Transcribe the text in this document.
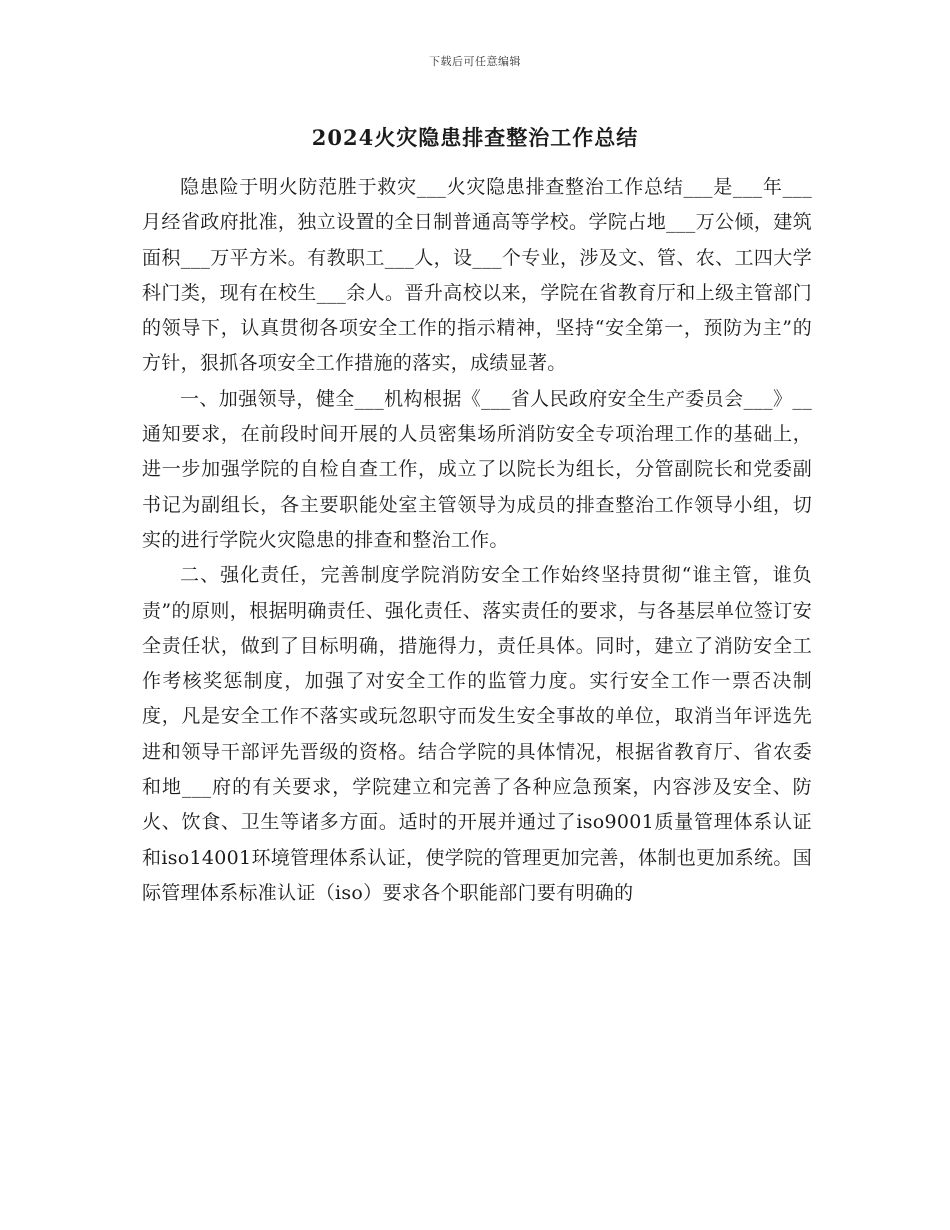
下载后可任意编辑
2024火灾隐患排查整治工作总结

隐患险于明火防范胜于救灾___火灾隐患排查整治工作总结___是___年___月经省政府批准，独立设置的全日制普通高等学校。学院占地___万公倾，建筑面积___万平方米。有教职工___人，设___个专业，涉及文、管、农、工四大学科门类，现有在校生___余人。晋升高校以来，学院在省教育厅和上级主管部门的领导下，认真贯彻各项安全工作的指示精神，坚持“安全第一，预防为主”的方针，狠抓各项安全工作措施的落实，成绩显著。

一、加强领导，健全___机构根据《___省人民政府安全生产委员会___》__通知要求，在前段时间开展的人员密集场所消防安全专项治理工作的基础上，进一步加强学院的自检自查工作，成立了以院长为组长，分管副院长和党委副书记为副组长，各主要职能处室主管领导为成员的排查整治工作领导小组，切实的进行学院火灾隐患的排查和整治工作。

二、强化责任，完善制度学院消防安全工作始终坚持贯彻“谁主管，谁负责”的原则，根据明确责任、强化责任、落实责任的要求，与各基层单位签订安全责任状，做到了目标明确，措施得力，责任具体。同时，建立了消防安全工作考核奖惩制度，加强了对安全工作的监管力度。实行安全工作一票否决制度，凡是安全工作不落实或玩忽职守而发生安全事故的单位，取消当年评选先进和领导干部评先晋级的资格。结合学院的具体情况，根据省教育厅、省农委和地___府的有关要求，学院建立和完善了各种应急预案，内容涉及安全、防火、饮食、卫生等诸多方面。适时的开展并通过了iso9001质量管理体系认证和iso14001环境管理体系认证，使学院的管理更加完善，体制也更加系统。国际管理体系标准认证（iso）要求各个职能部门要有明确的
